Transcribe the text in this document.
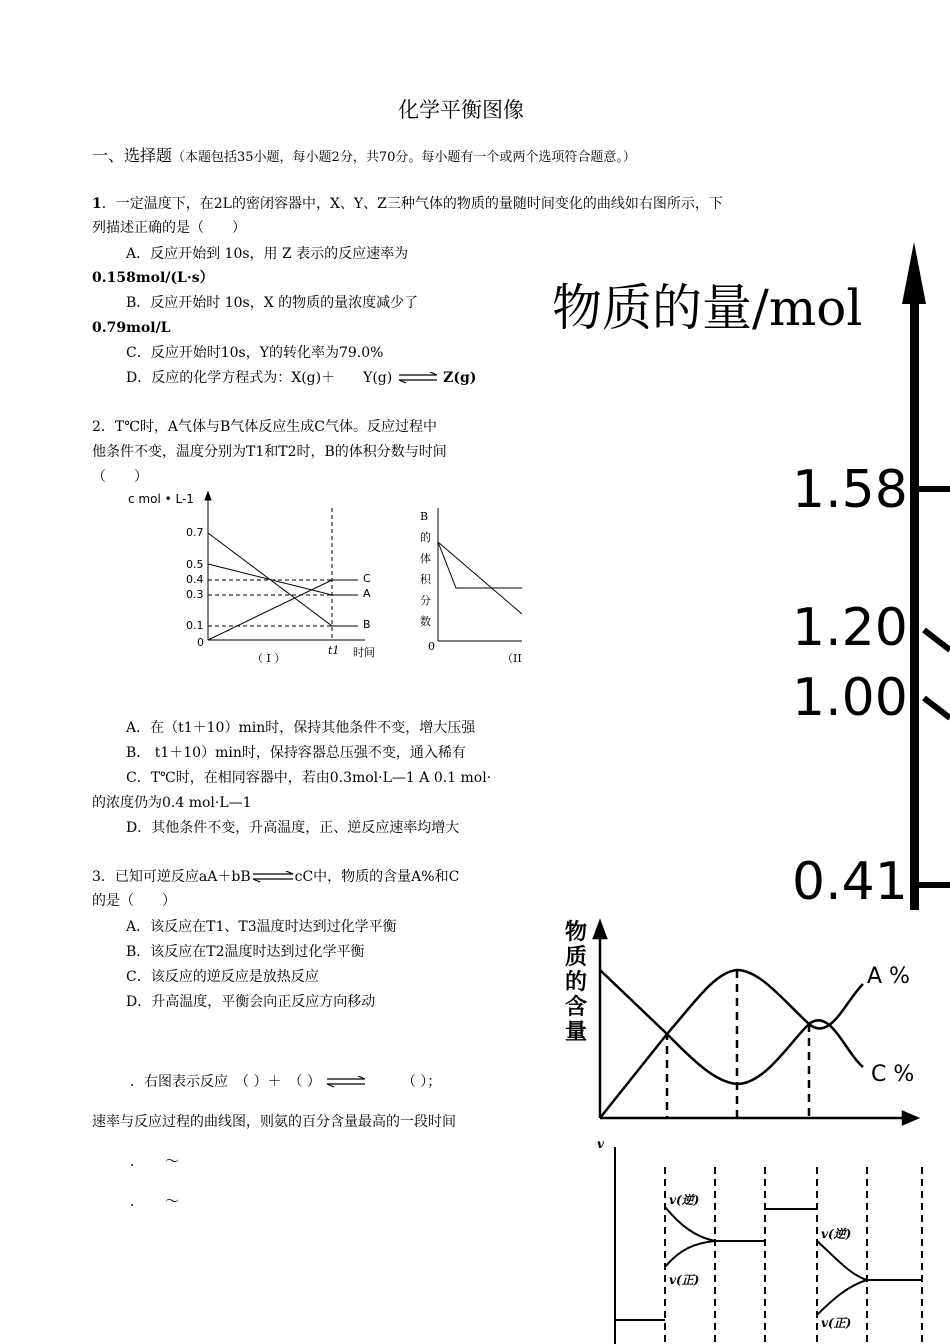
化学平衡图像
一、选择题（本题包括35小题，每小题2分，共70分。每小题有一个或两个选项符合题意。）
1．一定温度下，在2L的密闭容器中，X、Y、Z三种气体的物质的量随时间变化的曲线如右图所示，下
列描述正确的是（　　）
A．反应开始到 10s，用 Z 表示的反应速率为
0.158mol/(L·s）
B．反应开始时 10s，X 的物质的量浓度减少了
0.79mol/L
C．反应开始时10s，Y的转化率为79.0%
D．反应的化学方程式为：X(g)＋　　Y(g) ⇌ Z(g)
物质的量/mol
1.58
1.20
1.00
0.41
2．T℃时，A气体与B气体反应生成C气体。反应过程中
他条件不变，温度分别为T1和T2时，B的体积分数与时间
（　　）
c mol • L-1
0.7
0.5
0.4
0.3
0.1
0
C
A
B
t1 时间
（ I ）
B
的
体
积
分
数
0
（II
A．在（t1＋10）min时，保持其他条件不变，增大压强
B． t1＋10）min时，保持容器总压强不变，通入稀有
C．T℃时，在相同容器中，若由0.3mol·L—1 A 0.1 mol·
的浓度仍为0.4 mol·L—1
D．其他条件不变，升高温度，正、逆反应速率均增大
3．已知可逆反应aA＋bB	cC中，物质的含量A%和C
的是（　　）
A．该反应在T1、T3温度时达到过化学平衡
B．该反应在T2温度时达到过化学平衡
C．该反应的逆反应是放热反应
D．升高温度，平衡会向正反应方向移动
物
质
的
含
量
A %
C %
．右图表示反应　（ ）＋　（ ）	（ ）；
速率与反应过程的曲线图，则氨的百分含量最高的一段时间
．　　～
．　　～
v
v(逆)
v(正)
v(逆)
v(正)
